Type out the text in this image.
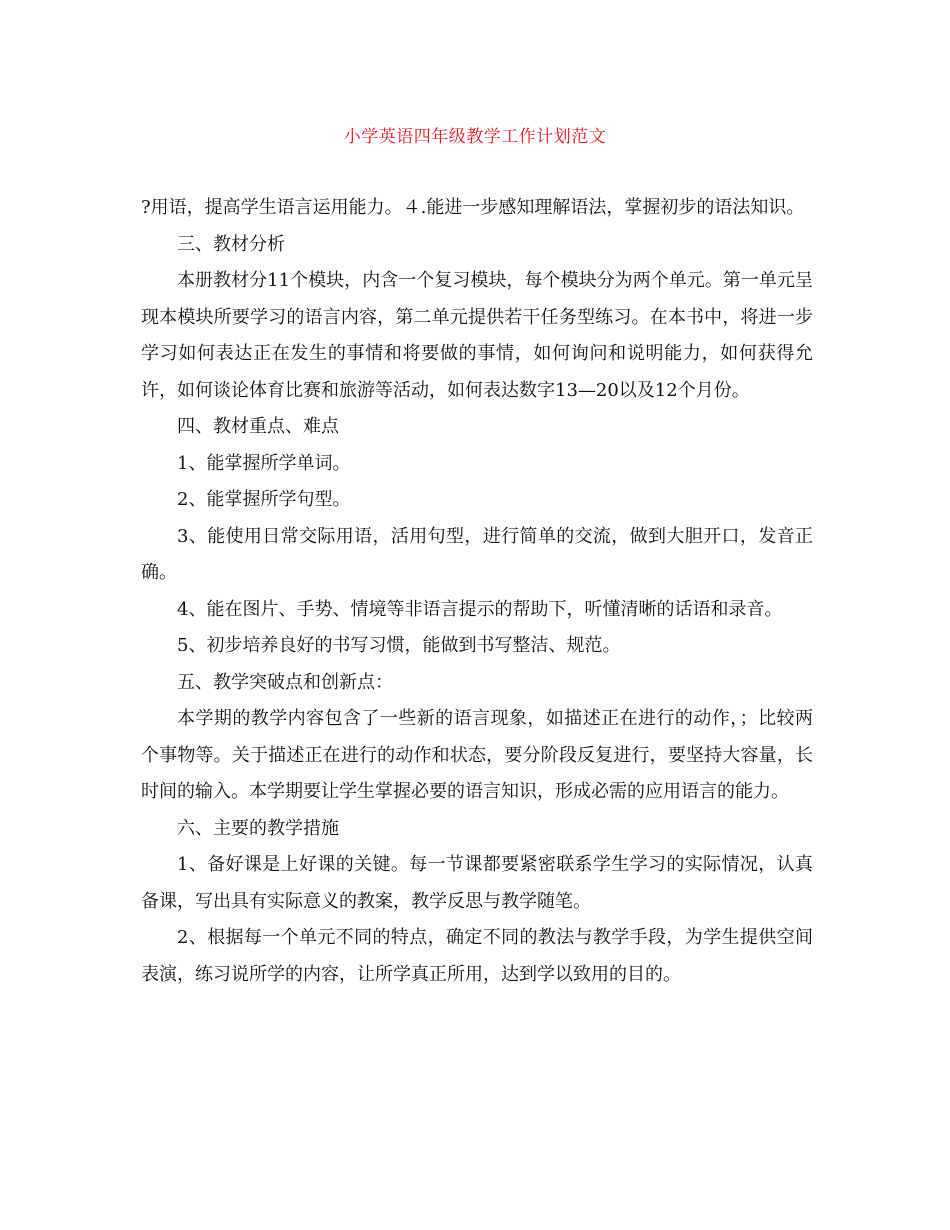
小学英语四年级教学工作计划范文

?用语，提高学生语言运用能力。４.能进一步感知理解语法，掌握初步的语法知识。

三、教材分析

本册教材分11个模块，内含一个复习模块，每个模块分为两个单元。第一单元呈现本模块所要学习的语言内容，第二单元提供若干任务型练习。在本书中，将进一步学习如何表达正在发生的事情和将要做的事情，如何询问和说明能力，如何获得允许，如何谈论体育比赛和旅游等活动，如何表达数字13—20以及12个月份。

四、教材重点、难点

1、能掌握所学单词。

2、能掌握所学句型。

3、能使用日常交际用语，活用句型，进行简单的交流，做到大胆开口，发音正确。

4、能在图片、手势、情境等非语言提示的帮助下，听懂清晰的话语和录音。

5、初步培养良好的书写习惯，能做到书写整洁、规范。

五、教学突破点和创新点：

本学期的教学内容包含了一些新的语言现象，如描述正在进行的动作，；比较两个事物等。关于描述正在进行的动作和状态，要分阶段反复进行，要坚持大容量，长时间的输入。本学期要让学生掌握必要的语言知识，形成必需的应用语言的能力。

六、主要的教学措施

1、备好课是上好课的关键。每一节课都要紧密联系学生学习的实际情况，认真备课，写出具有实际意义的教案，教学反思与教学随笔。

2、根据每一个单元不同的特点，确定不同的教法与教学手段，为学生提供空间表演，练习说所学的内容，让所学真正所用，达到学以致用的目的。
